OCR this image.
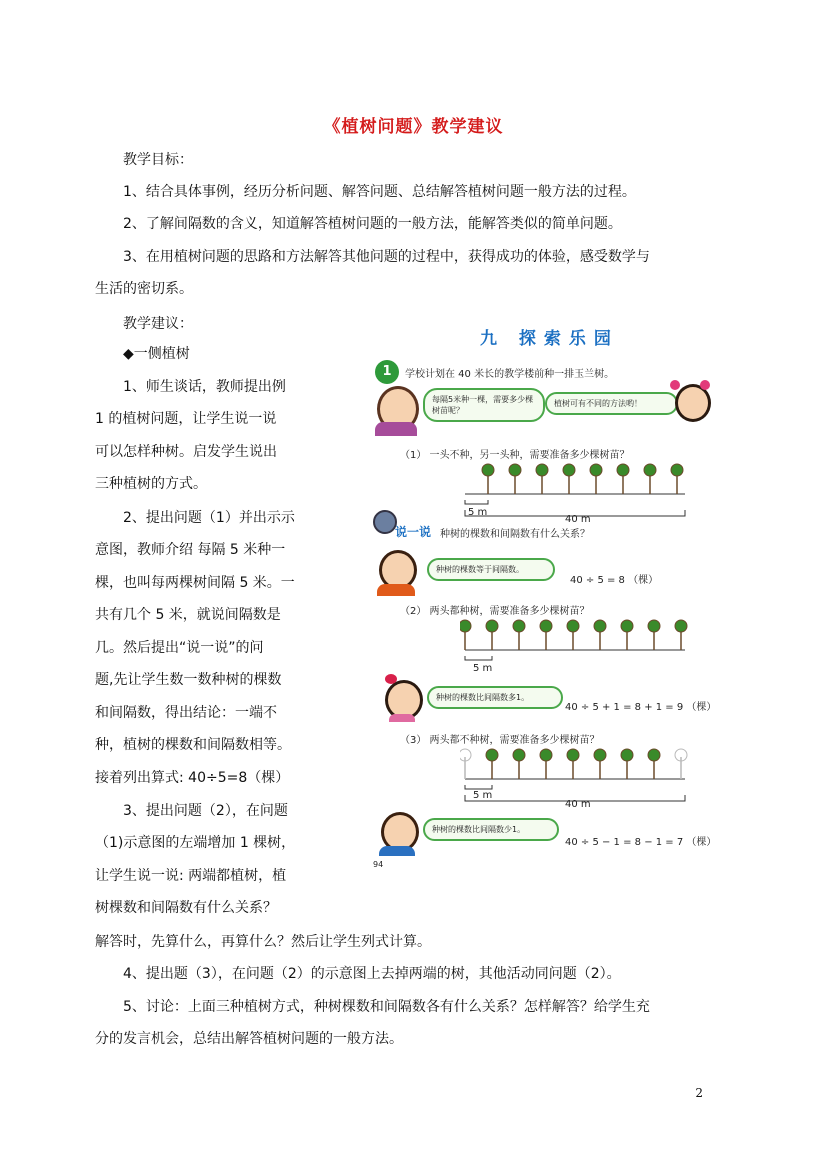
《植树问题》教学建议
教学目标：
1、结合具体事例，经历分析问题、解答问题、总结解答植树问题一般方法的过程。
2、了解间隔数的含义，知道解答植树问题的一般方法，能解答类似的简单问题。
3、在用植树问题的思路和方法解答其他问题的过程中，获得成功的体验，感受数学与
生活的密切系。
教学建议：
◆一侧植树
1、师生谈话，教师提出例
1 的植树问题，让学生说一说
可以怎样种树。启发学生说出
三种植树的方式。
2、提出问题（1）并出示示
意图，教师介绍 每隔 5 米种一
棵，也叫每两棵树间隔 5 米。一
共有几个 5 米，就说间隔数是
几。然后提出“说一说”的问
题,先让学生数一数种树的棵数
和间隔数，得出结论：一端不
种，植树的棵数和间隔数相等。
接着列出算式: 40÷5=8（棵）
3、提出问题（2），在问题
（1)示意图的左端增加 1 棵树，
让学生说一说: 两端都植树，植
树棵数和间隔数有什么关系？
解答时，先算什么，再算什么？然后让学生列式计算。
4、提出题（3），在问题（2）的示意图上去掉两端的树，其他活动同问题（2）。
5、讨论：上面三种植树方式，种树棵数和间隔数各有什么关系？怎样解答？给学生充
分的发言机会，总结出解答植树问题的一般方法。
2
九 探索乐园
1	学校计划在 40 米长的教学楼前种一排玉兰树。
每隔5米种一棵，需要多少棵树苗呢？
植树可有不同的方法哟！
（1） 一头不种，另一头种，需要准备多少棵树苗？
5 m
40 m
说一说 种树的棵数和间隔数有什么关系？
种树的棵数等于间隔数。
40 ÷ 5 = 8 （棵）
（2） 两头都种树，需要准备多少棵树苗？
5 m
种树的棵数比间隔数多1。
40 ÷ 5 + 1 = 8 + 1 = 9 （棵）
（3） 两头都不种树，需要准备多少棵树苗？
5 m
40 m
种树的棵数比间隔数少1。
40 ÷ 5 − 1 = 8 − 1 = 7 （棵）
94
